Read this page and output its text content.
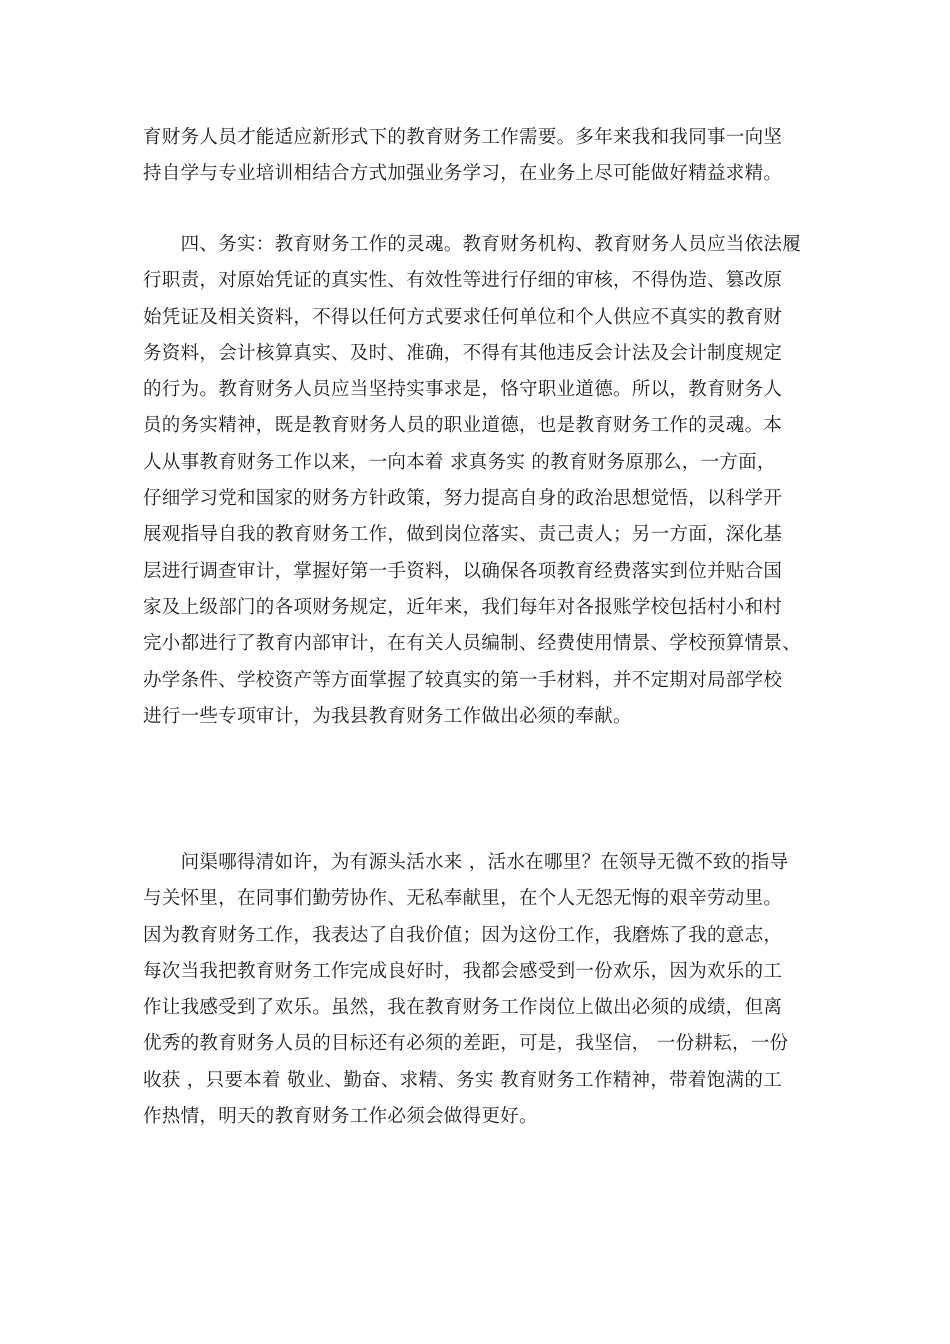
育财务人员才能适应新形式下的教育财务工作需要。多年来我和我同事一向坚
持自学与专业培训相结合方式加强业务学习，在业务上尽可能做好精益求精。

　　四、务实：教育财务工作的灵魂。教育财务机构、教育财务人员应当依法履
行职责，对原始凭证的真实性、有效性等进行仔细的审核，不得伪造、篡改原
始凭证及相关资料，不得以任何方式要求任何单位和个人供应不真实的教育财
务资料，会计核算真实、及时、准确，不得有其他违反会计法及会计制度规定
的行为。教育财务人员应当坚持实事求是，恪守职业道德。所以，教育财务人
员的务实精神，既是教育财务人员的职业道德，也是教育财务工作的灵魂。本
人从事教育财务工作以来，一向本着 求真务实 的教育财务原那么，一方面，
仔细学习党和国家的财务方针政策，努力提高自身的政治思想觉悟，以科学开
展观指导自我的教育财务工作，做到岗位落实、责己责人；另一方面，深化基
层进行调查审计，掌握好第一手资料，以确保各项教育经费落实到位并贴合国
家及上级部门的各项财务规定，近年来，我们每年对各报账学校包括村小和村
完小都进行了教育内部审计，在有关人员编制、经费使用情景、学校预算情景、
办学条件、学校资产等方面掌握了较真实的第一手材料，并不定期对局部学校
进行一些专项审计，为我县教育财务工作做出必须的奉献。

　　问渠哪得清如许，为有源头活水来 ，活水在哪里？在领导无微不致的指导
与关怀里，在同事们勤劳协作、无私奉献里，在个人无怨无悔的艰辛劳动里。
因为教育财务工作，我表达了自我价值；因为这份工作，我磨炼了我的意志，
每次当我把教育财务工作完成良好时，我都会感受到一份欢乐，因为欢乐的工
作让我感受到了欢乐。虽然，我在教育财务工作岗位上做出必须的成绩，但离
优秀的教育财务人员的目标还有必须的差距，可是，我坚信， 一份耕耘，一份
收获 ，只要本着 敬业、勤奋、求精、务实 教育财务工作精神，带着饱满的工
作热情，明天的教育财务工作必须会做得更好。
